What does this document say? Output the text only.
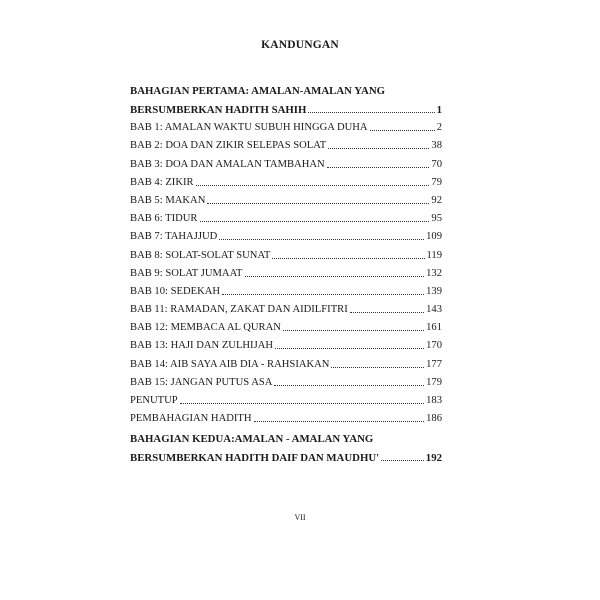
KANDUNGAN
BAHAGIAN PERTAMA: AMALAN-AMALAN YANG
BERSUMBERKAN HADITH SAHIH	1
BAB 1: AMALAN WAKTU SUBUH HINGGA DUHA	2
BAB 2: DOA DAN ZIKIR SELEPAS SOLAT	38
BAB 3: DOA DAN AMALAN TAMBAHAN	70
BAB 4: ZIKIR	79
BAB 5: MAKAN	92
BAB 6: TIDUR	95
BAB 7: TAHAJJUD	109
BAB 8: SOLAT-SOLAT SUNAT	119
BAB 9: SOLAT JUMAAT	132
BAB 10: SEDEKAH	139
BAB 11: RAMADAN, ZAKAT DAN AIDILFITRI	143
BAB 12: MEMBACA AL QURAN	161
BAB 13: HAJI DAN ZULHIJAH	170
BAB 14: AIB SAYA AIB DIA - RAHSIAKAN	177
BAB 15: JANGAN PUTUS ASA	179
PENUTUP	183
PEMBAHAGIAN HADITH	186
BAHAGIAN KEDUA:AMALAN - AMALAN YANG
BERSUMBERKAN HADITH DAIF DAN MAUDHU'	192
VII
